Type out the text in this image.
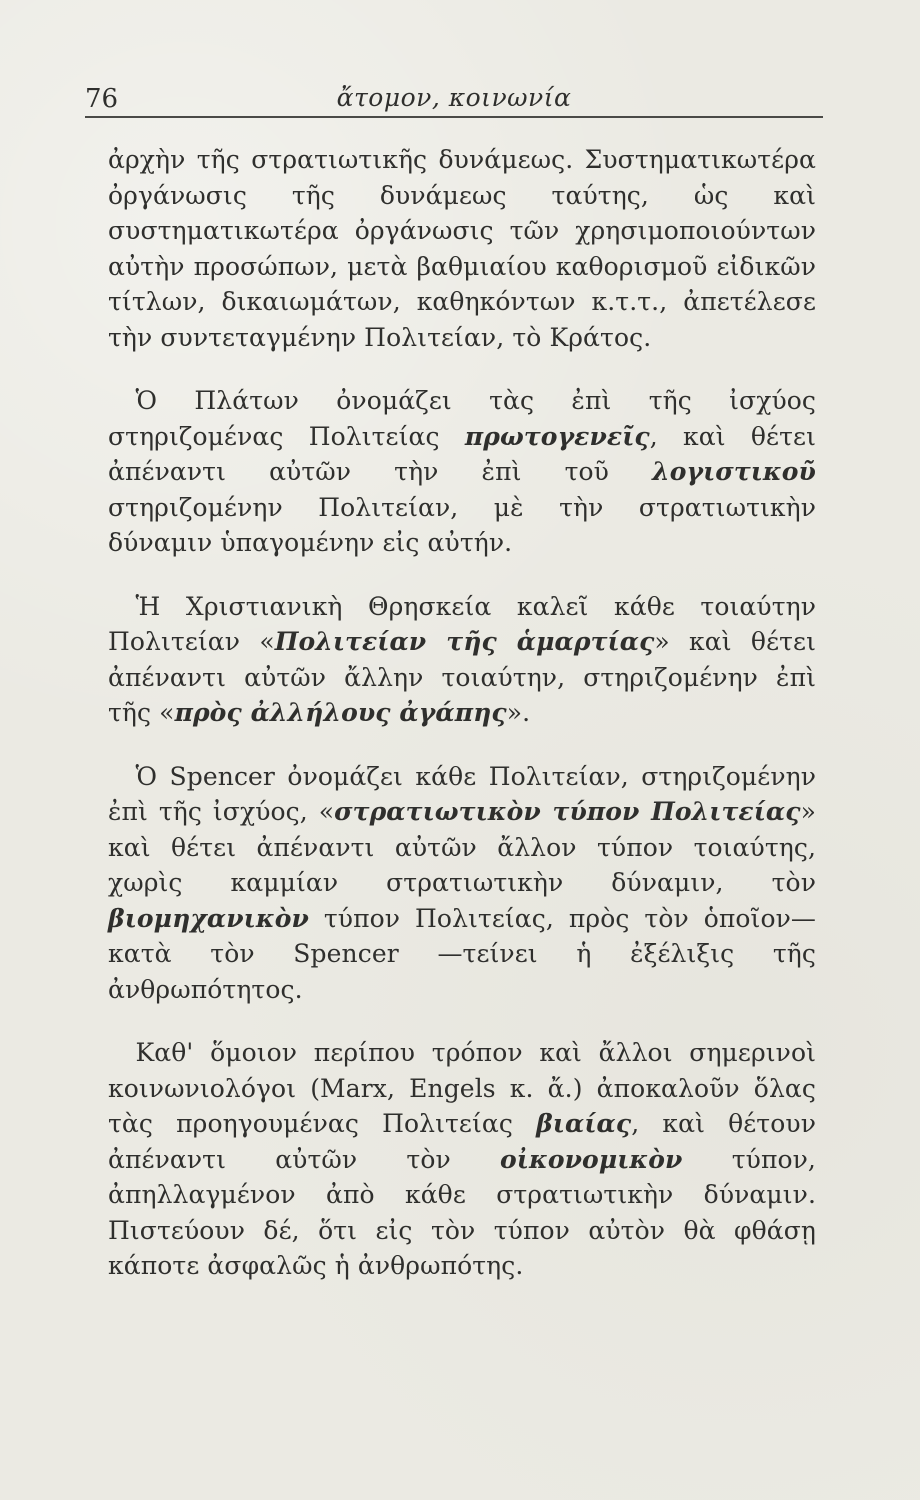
76	ἄτομον, κοινωνία

ἀρχὴν τῆς στρατιωτικῆς δυνάμεως. Συστηματικωτέρα ὀργάνωσις τῆς δυνάμεως ταύτης, ὡς καὶ συστηματικωτέρα ὀργάνωσις τῶν χρησιμοποιούντων αὐτὴν προσώπων, μετὰ βαθμιαίου καθορισμοῦ εἰδικῶν τίτλων, δικαιωμάτων, καθηκόντων κ.τ.τ., ἀπετέλεσε τὴν συντεταγμένην Πολιτείαν, τὸ Κράτος.

Ὁ Πλάτων ὀνομάζει τὰς ἐπὶ τῆς ἰσχύος στηριζομένας Πολιτείας πρωτογενεῖς, καὶ θέτει ἀπέναντι αὐτῶν τὴν ἐπὶ τοῦ λογιστικοῦ στηριζομένην Πολιτείαν, μὲ τὴν στρατιωτικὴν δύναμιν ὑπαγομένην εἰς αὐτήν.

Ἡ Χριστιανικὴ Θρησκεία καλεῖ κάθε τοιαύτην Πολιτείαν «Πολιτείαν τῆς ἁμαρτίας» καὶ θέτει ἀπέναντι αὐτῶν ἄλλην τοιαύτην, στηριζομένην ἐπὶ τῆς «πρὸς ἀλλήλους ἀγάπης».

Ὁ Spencer ὀνομάζει κάθε Πολιτείαν, στηριζομένην ἐπὶ τῆς ἰσχύος, «στρατιωτικὸν τύπον Πολιτείας» καὶ θέτει ἀπέναντι αὐτῶν ἄλλον τύπον τοιαύτης, χωρὶς καμμίαν στρατιωτικὴν δύναμιν, τὸν βιομηχανικὸν τύπον Πολιτείας, πρὸς τὸν ὁποῖον—κατὰ τὸν Spencer —τείνει ἡ ἐξέλιξις τῆς ἀνθρωπότητος.

Καθ' ὅμοιον περίπου τρόπον καὶ ἄλλοι σημερινοὶ κοινωνιολόγοι (Marx, Engels κ. ἄ.) ἀποκαλοῦν ὅλας τὰς προηγουμένας Πολιτείας βιαίας, καὶ θέτουν ἀπέναντι αὐτῶν τὸν οἰκονομικὸν τύπον, ἀπηλλαγμένον ἀπὸ κάθε στρατιωτικὴν δύναμιν. Πιστεύουν δέ, ὅτι εἰς τὸν τύπον αὐτὸν θὰ φθάσῃ κάποτε ἀσφαλῶς ἡ ἀνθρωπότης.
